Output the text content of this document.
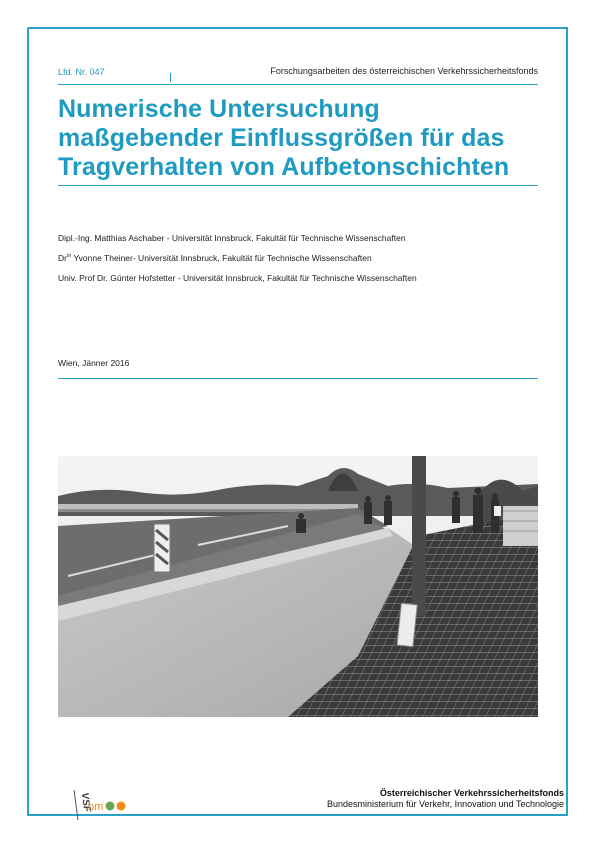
Lfd. Nr. 047	Forschungsarbeiten des österreichischen Verkehrssicherheitsfonds
Numerische Untersuchung
maßgebender Einflussgrößen für das
Tragverhalten von Aufbetonschichten
Dipl.-Ing. Matthias Aschaber - Universität Innsbruck, Fakultät für Technische Wissenschaften
$Dr^{in}$ Yvonne Theiner- Universität Innsbruck, Fakultät für Technische Wissenschaften
Univ. Prof Dr. Günter Hofstetter - Universität Innsbruck, Fakultät für Technische Wissenschaften
Wien, Jänner 2016
VSF
bm
Österreichischer Verkehrssicherheitsfonds
Bundesministerium für Verkehr, Innovation und Technologie
